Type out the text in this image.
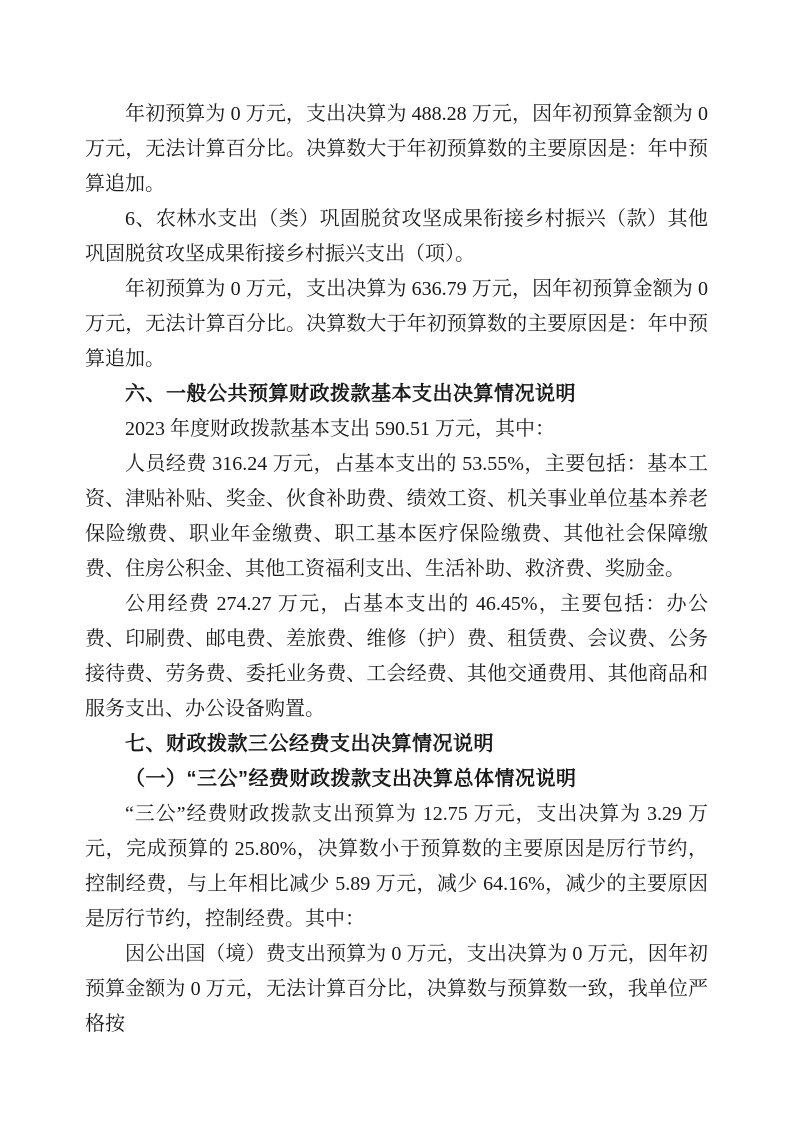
年初预算为 0 万元，支出决算为 488.28 万元，因年初预算金额为 0 万元，无法计算百分比。决算数大于年初预算数的主要原因是：年中预算追加。

6、农林水支出（类）巩固脱贫攻坚成果衔接乡村振兴（款）其他巩固脱贫攻坚成果衔接乡村振兴支出（项）。

年初预算为 0 万元，支出决算为 636.79 万元，因年初预算金额为 0 万元，无法计算百分比。决算数大于年初预算数的主要原因是：年中预算追加。

六、一般公共预算财政拨款基本支出决算情况说明

2023 年度财政拨款基本支出 590.51 万元，其中：

人员经费 316.24 万元，占基本支出的 53.55%，主要包括：基本工资、津贴补贴、奖金、伙食补助费、绩效工资、机关事业单位基本养老保险缴费、职业年金缴费、职工基本医疗保险缴费、其他社会保障缴费、住房公积金、其他工资福利支出、生活补助、救济费、奖励金。

公用经费 274.27 万元，占基本支出的 46.45%，主要包括：办公费、印刷费、邮电费、差旅费、维修（护）费、租赁费、会议费、公务接待费、劳务费、委托业务费、工会经费、其他交通费用、其他商品和服务支出、办公设备购置。

七、财政拨款三公经费支出决算情况说明

（一）“三公”经费财政拨款支出决算总体情况说明

“三公”经费财政拨款支出预算为 12.75 万元，支出决算为 3.29 万元，完成预算的 25.80%，决算数小于预算数的主要原因是厉行节约，控制经费，与上年相比减少 5.89 万元，减少 64.16%，减少的主要原因是厉行节约，控制经费。其中：

因公出国（境）费支出预算为 0 万元，支出决算为 0 万元，因年初预算金额为 0 万元，无法计算百分比，决算数与预算数一致，我单位严格按
